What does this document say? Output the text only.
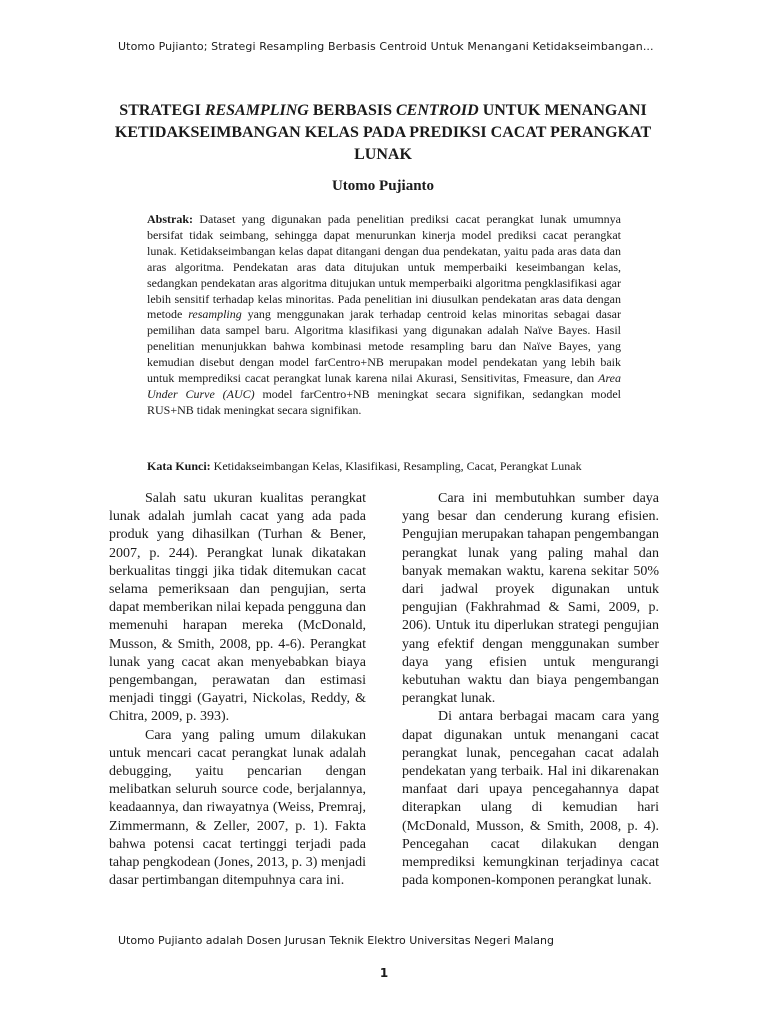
Utomo Pujianto; Strategi Resampling Berbasis Centroid Untuk Menangani Ketidakseimbangan...
STRATEGI RESAMPLING BERBASIS CENTROID UNTUK MENANGANI KETIDAKSEIMBANGAN KELAS PADA PREDIKSI CACAT PERANGKAT LUNAK
Utomo Pujianto
Abstrak: Dataset yang digunakan pada penelitian prediksi cacat perangkat lunak umumnya bersifat tidak seimbang, sehingga dapat menurunkan kinerja model prediksi cacat perangkat lunak. Ketidakseimbangan kelas dapat ditangani dengan dua pendekatan, yaitu pada aras data dan aras algoritma. Pendekatan aras data ditujukan untuk memperbaiki keseimbangan kelas, sedangkan pendekatan aras algoritma ditujukan untuk memperbaiki algoritma pengklasifikasi agar lebih sensitif terhadap kelas minoritas. Pada penelitian ini diusulkan pendekatan aras data dengan metode resampling yang menggunakan jarak terhadap centroid kelas minoritas sebagai dasar pemilihan data sampel baru. Algoritma klasifikasi yang digunakan adalah Naïve Bayes. Hasil penelitian menunjukkan bahwa kombinasi metode resampling baru dan Naïve Bayes, yang kemudian disebut dengan model farCentro+NB merupakan model pendekatan yang lebih baik untuk memprediksi cacat perangkat lunak karena nilai Akurasi, Sensitivitas, Fmeasure, dan Area Under Curve (AUC) model farCentro+NB meningkat secara signifikan, sedangkan model RUS+NB tidak meningkat secara signifikan.
Kata Kunci: Ketidakseimbangan Kelas, Klasifikasi, Resampling, Cacat, Perangkat Lunak

Salah satu ukuran kualitas perangkat lunak adalah jumlah cacat yang ada pada produk yang dihasilkan (Turhan & Bener, 2007, p. 244). Perangkat lunak dikatakan berkualitas tinggi jika tidak ditemukan cacat selama pemeriksaan dan pengujian, serta dapat memberikan nilai kepada pengguna dan memenuhi harapan mereka (McDonald, Musson, & Smith, 2008, pp. 4-6). Perangkat lunak yang cacat akan menyebabkan biaya pengembangan, perawatan dan estimasi menjadi tinggi (Gayatri, Nickolas, Reddy, & Chitra, 2009, p. 393).

Cara yang paling umum dilakukan untuk mencari cacat perangkat lunak adalah debugging, yaitu pencarian dengan melibatkan seluruh source code, berjalannya, keadaannya, dan riwayatnya (Weiss, Premraj, Zimmermann, & Zeller, 2007, p. 1). Fakta bahwa potensi cacat tertinggi terjadi pada tahap pengkodean (Jones, 2013, p. 3) menjadi dasar pertimbangan ditempuhnya cara ini.

Cara ini membutuhkan sumber daya yang besar dan cenderung kurang efisien. Pengujian merupakan tahapan pengembangan perangkat lunak yang paling mahal dan banyak memakan waktu, karena sekitar 50% dari jadwal proyek digunakan untuk pengujian (Fakhrahmad & Sami, 2009, p. 206). Untuk itu diperlukan strategi pengujian yang efektif dengan menggunakan sumber daya yang efisien untuk mengurangi kebutuhan waktu dan biaya pengembangan perangkat lunak.

Di antara berbagai macam cara yang dapat digunakan untuk menangani cacat perangkat lunak, pencegahan cacat adalah pendekatan yang terbaik. Hal ini dikarenakan manfaat dari upaya pencegahannya dapat diterapkan ulang di kemudian hari (McDonald, Musson, & Smith, 2008, p. 4). Pencegahan cacat dilakukan dengan memprediksi kemungkinan terjadinya cacat pada komponen-komponen perangkat lunak.

Utomo Pujianto adalah Dosen Jurusan Teknik Elektro Universitas Negeri Malang
1
